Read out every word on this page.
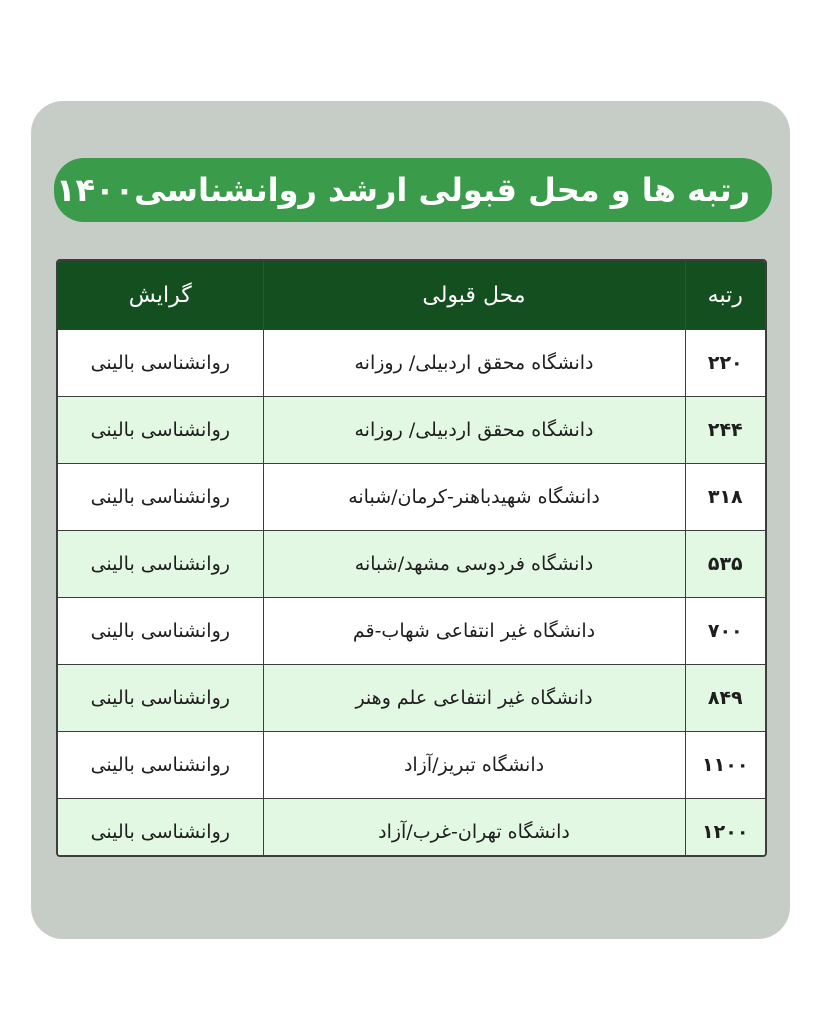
رتبه ها و محل قبولی ارشد روانشناسی۱۴۰۰
رتبه	محل قبولی	گرایش
۲۲۰	دانشگاه محقق اردبیلی/ روزانه	روانشناسی بالینی
۲۴۴	دانشگاه محقق اردبیلی/ روزانه	روانشناسی بالینی
۳۱۸	دانشگاه شهیدباهنر-کرمان/شبانه	روانشناسی بالینی
۵۳۵	دانشگاه فردوسی مشهد/شبانه	روانشناسی بالینی
۷۰۰	دانشگاه غیر انتفاعی شهاب-قم	روانشناسی بالینی
۸۴۹	دانشگاه غیر انتفاعی علم وهنر	روانشناسی بالینی
۱۱۰۰	دانشگاه تبریز/آزاد	روانشناسی بالینی
۱۲۰۰	دانشگاه تهران-غرب/آزاد	روانشناسی بالینی
